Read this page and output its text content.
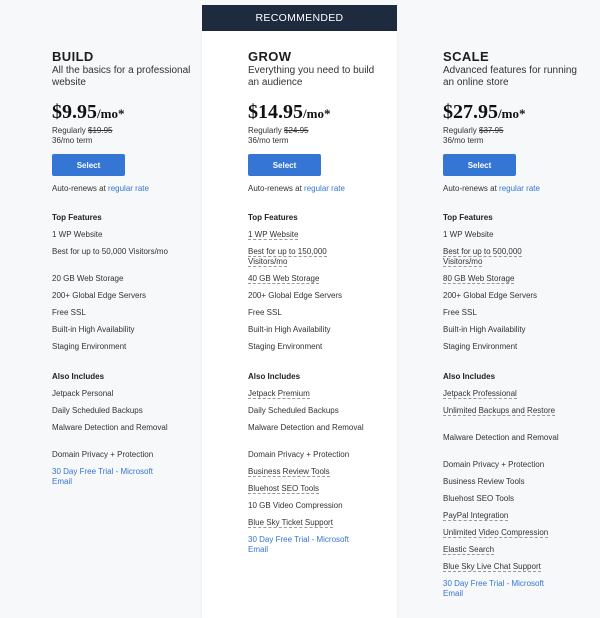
RECOMMENDED
BUILD
All the basics for a professional website
$9.95/mo*
Regularly $19.95
36/mo term
Select
Auto-renews at regular rate
Top Features
1 WP Website
Best for up to 50,000 Visitors/mo
20 GB Web Storage
200+ Global Edge Servers
Free SSL
Built-in High Availability
Staging Environment
Also Includes
Jetpack Personal
Daily Scheduled Backups
Malware Detection and Removal
Domain Privacy + Protection
30 Day Free Trial - Microsoft Email
GROW
Everything you need to build an audience
$14.95/mo*
Regularly $24.95
36/mo term
Select
Auto-renews at regular rate
Top Features
1 WP Website
Best for up to 150,000 Visitors/mo
40 GB Web Storage
200+ Global Edge Servers
Free SSL
Built-in High Availability
Staging Environment
Also Includes
Jetpack Premium
Daily Scheduled Backups
Malware Detection and Removal
Domain Privacy + Protection
Business Review Tools
Bluehost SEO Tools
10 GB Video Compression
Blue Sky Ticket Support
30 Day Free Trial - Microsoft Email
SCALE
Advanced features for running an online store
$27.95/mo*
Regularly $37.95
36/mo term
Select
Auto-renews at regular rate
Top Features
1 WP Website
Best for up to 500,000 Visitors/mo
80 GB Web Storage
200+ Global Edge Servers
Free SSL
Built-in High Availability
Staging Environment
Also Includes
Jetpack Professional
Unlimited Backups and Restore
Malware Detection and Removal
Domain Privacy + Protection
Business Review Tools
Bluehost SEO Tools
PayPal Integration
Unlimited Video Compression
Elastic Search
Blue Sky Live Chat Support
30 Day Free Trial - Microsoft Email
